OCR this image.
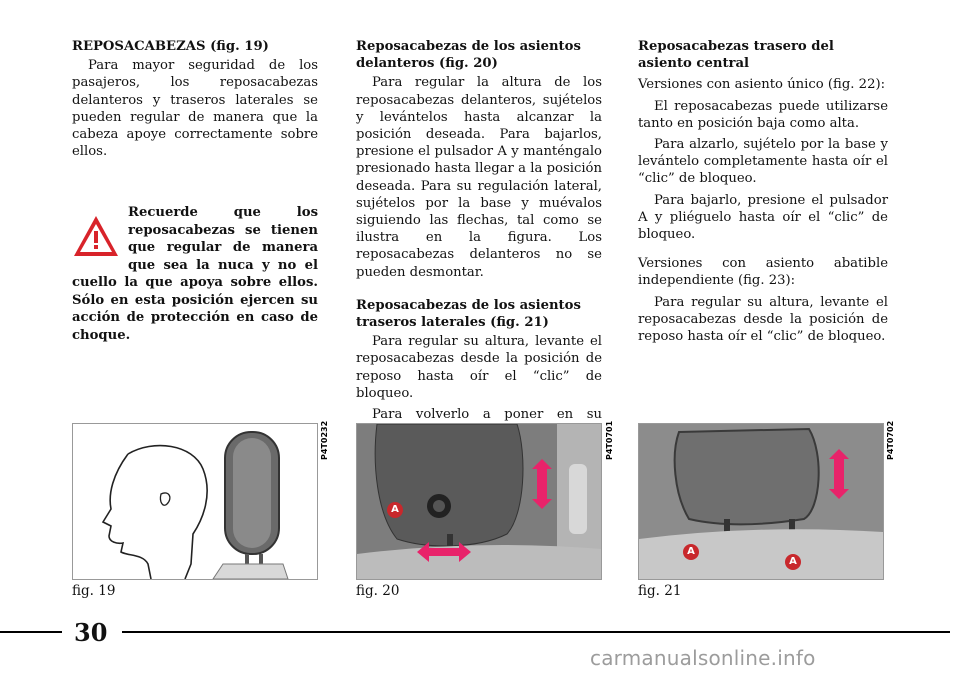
REPOSACABEZAS (fig. 19)
Para mayor seguridad de los pasajeros, los reposacabezas delanteros y traseros laterales se pueden regular de manera que la cabeza apoye correctamente sobre ellos.
Recuerde que los reposacabezas se tienen que regular de manera que sea la nuca y no el cuello la que apoya sobre ellos. Sólo en esta posición ejercen su acción de protección en caso de choque.
Reposacabezas de los asientos delanteros (fig. 20)
Para regular la altura de los reposacabezas delanteros, sujételos y levántelos hasta alcanzar la posición deseada. Para bajarlos, presione el pulsador A y manténgalo presionado hasta llegar a la posición deseada. Para su regulación lateral, sujételos por la base y muévalos siguiendo las flechas, tal como se ilustra en la figura. Los reposacabezas delanteros no se pueden desmontar.
Reposacabezas de los asientos traseros laterales (fig. 21)
Para regular su altura, levante el reposacabezas desde la posición de reposo hasta oír el “clic” de bloqueo.
Para volverlo a poner en su
Reposacabezas trasero del asiento central
Versiones con asiento único (fig. 22):
El reposacabezas puede utilizarse tanto en posición baja como alta.
Para alzarlo, sujételo por la base y levántelo completamente hasta oír el “clic” de bloqueo.
Para bajarlo, presione el pulsador A y pliéguelo hasta oír el “clic” de bloqueo.
Versiones con asiento abatible independiente (fig. 23):
Para regular su altura, levante el reposacabezas desde la posición de reposo hasta oír el “clic” de bloqueo.
P4T0232
fig. 19
A
P4T0701
fig. 20
A
A
P4T0702
fig. 21
30
carmanualsonline.info
